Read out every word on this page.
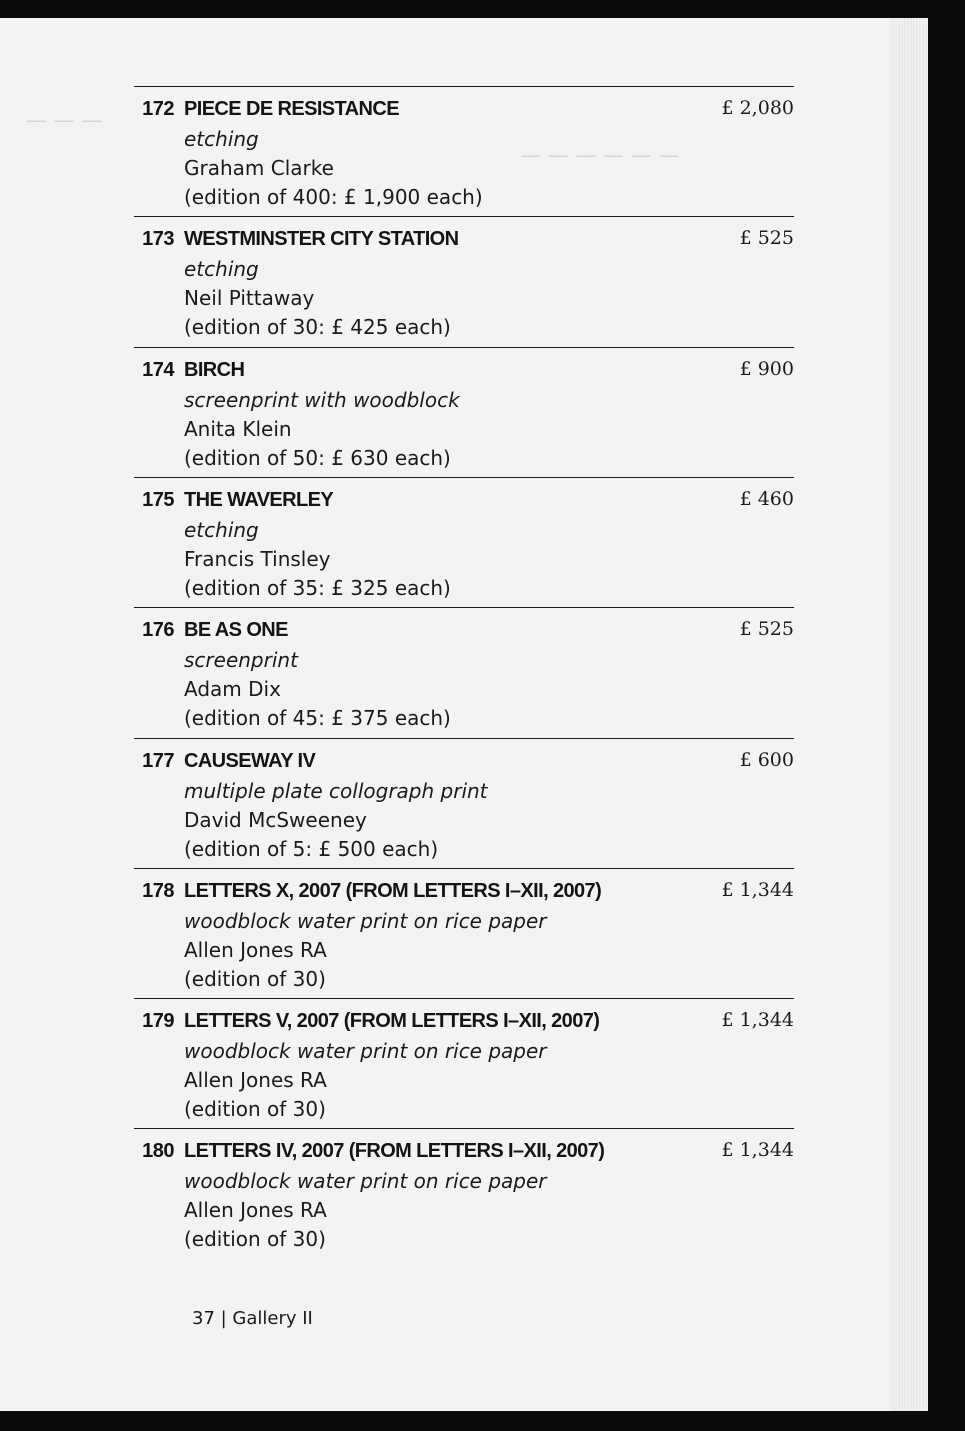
— — —
— — — — — —
172 PIECE DE RESISTANCE
etching
Graham Clarke
(edition of 400: £ 1,900 each)
£ 2,080
173 WESTMINSTER CITY STATION
etching
Neil Pittaway
(edition of 30: £ 425 each)
£ 525
174 BIRCH
screenprint with woodblock
Anita Klein
(edition of 50: £ 630 each)
£ 900
175 THE WAVERLEY
etching
Francis Tinsley
(edition of 35: £ 325 each)
£ 460
176 BE AS ONE
screenprint
Adam Dix
(edition of 45: £ 375 each)
£ 525
177 CAUSEWAY IV
multiple plate collograph print
David McSweeney
(edition of 5: £ 500 each)
£ 600
178 LETTERS X, 2007 (FROM LETTERS I–XII, 2007)
woodblock water print on rice paper
Allen Jones RA
(edition of 30)
£ 1,344
179 LETTERS V, 2007 (FROM LETTERS I–XII, 2007)
woodblock water print on rice paper
Allen Jones RA
(edition of 30)
£ 1,344
180 LETTERS IV, 2007 (FROM LETTERS I–XII, 2007)
woodblock water print on rice paper
Allen Jones RA
(edition of 30)
£ 1,344
37 | Gallery II
